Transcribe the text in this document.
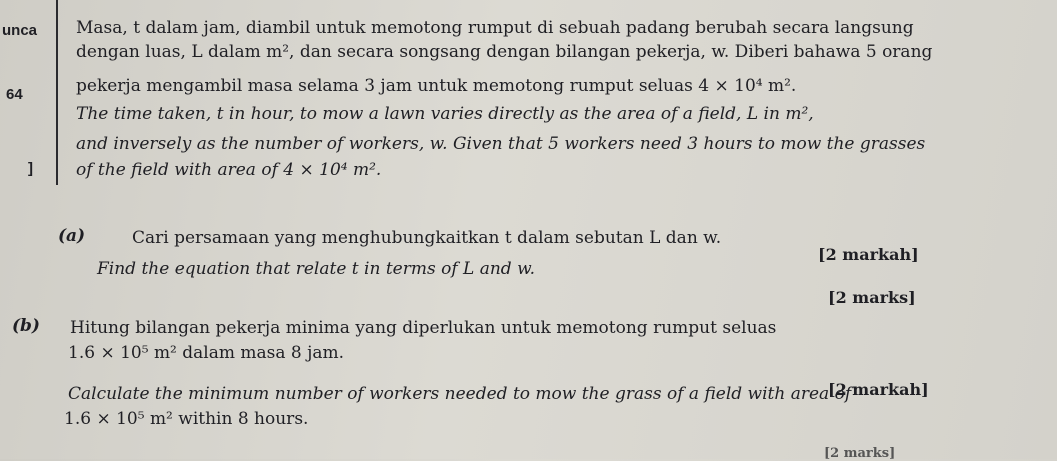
unca
64
]
Masa, t dalam jam, diambil untuk memotong rumput di sebuah padang berubah secara langsung
dengan luas, L dalam m², dan secara songsang dengan bilangan pekerja, w. Diberi bahawa 5 orang
pekerja mengambil masa selama 3 jam untuk memotong rumput seluas 4 × 10⁴ m².
The time taken, t in hour, to mow a lawn varies directly as the area of a field, L in m²,
and inversely as the number of workers, w. Given that 5 workers need 3 hours to mow the grasses
of the field with area of 4 × 10⁴ m².
(a)	Cari persamaan yang menghubungkaitkan t dalam sebutan L dan w.
[2 markah]
Find the equation that relate t in terms of L and w.
[2 marks]
(b) Hitung bilangan pekerja minima yang diperlukan untuk memotong rumput seluas
1.6 × 10⁵ m² dalam masa 8 jam.
[2 markah]
Calculate the minimum number of workers needed to mow the grass of a field with area of
1.6 × 10⁵ m² within 8 hours.
[2 marks]
